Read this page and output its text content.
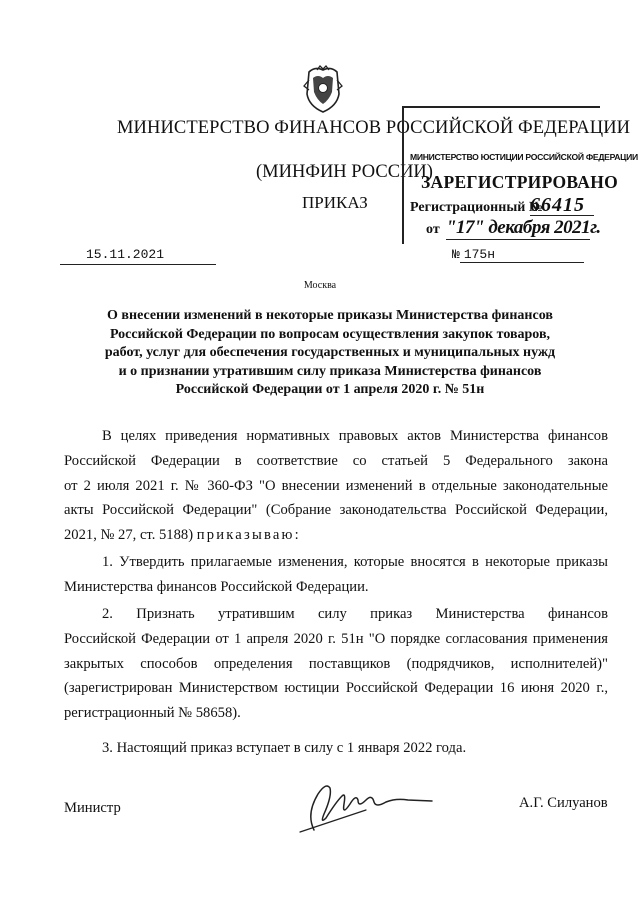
МИНИСТЕРСТВО ФИНАНСОВ РОССИЙСКОЙ ФЕДЕРАЦИИ
(МИНФИН РОССИИ)
ПРИКАЗ
МИНИСТЕРСТВО ЮСТИЦИИ РОССИЙСКОЙ ФЕДЕРАЦИИ
ЗАРЕГИСТРИРОВАНО
Регистрационный №
66415
от "17" декабря 2021г.
15.11.2021	№ 175н
Москва
О внесении изменений в некоторые приказы Министерства финансов
Российской Федерации по вопросам осуществления закупок товаров,
работ, услуг для обеспечения государственных и муниципальных нужд
и о признании утратившим силу приказа Министерства финансов
Российской Федерации от 1 апреля 2020 г. № 51н
В целях приведения нормативных правовых актов Министерства финансов
Российской Федерации в соответствие со статьей 5 Федерального закона
от 2 июля 2021 г. № 360-ФЗ "О внесении изменений в отдельные законодательные
акты Российской Федерации" (Собрание законодательства Российской Федерации,
2021, № 27, ст. 5188) приказываю:
1. Утвердить прилагаемые изменения, которые вносятся в некоторые приказы
Министерства финансов Российской Федерации.
2. Признать утратившим силу приказ Министерства финансов
Российской Федерации от 1 апреля 2020 г. 51н "О порядке согласования применения
закрытых способов определения поставщиков (подрядчиков, исполнителей)"
(зарегистрирован Министерством юстиции Российской Федерации 16 июня 2020 г.,
регистрационный № 58658).
3. Настоящий приказ вступает в силу с 1 января 2022 года.
Министр	А.Г. Силуанов
